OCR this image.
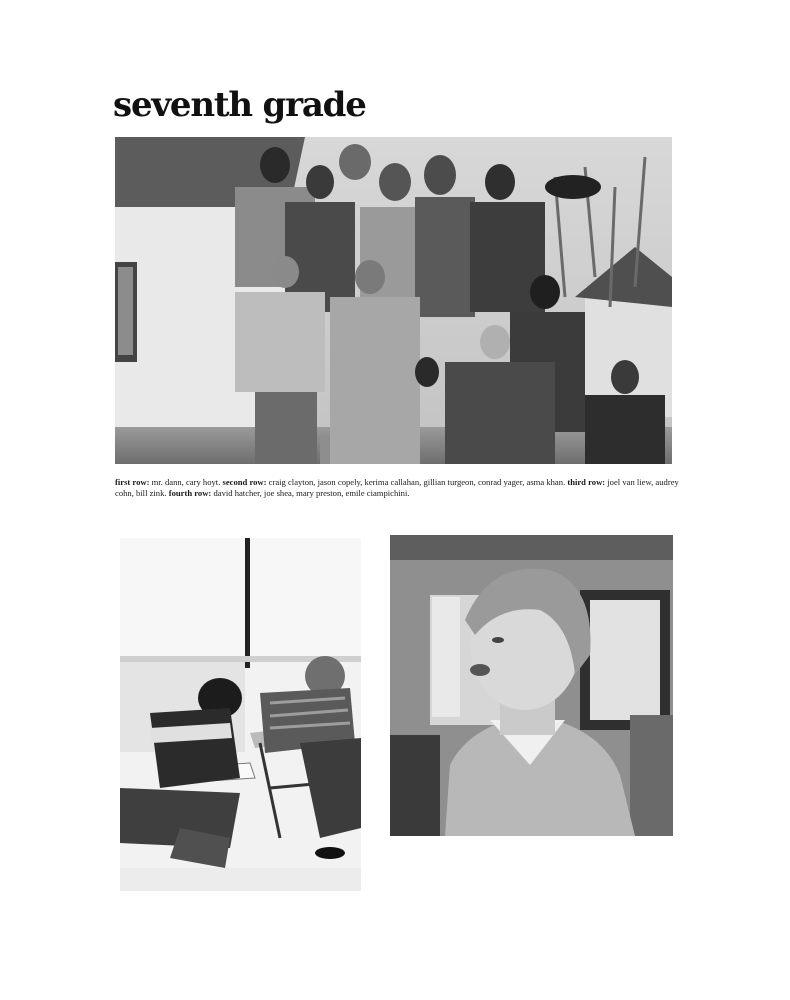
seventh grade

first row: mr. dann, cary hoyt. second row: craig clayton, jason copely, kerima callahan, gillian turgeon, conrad yager, asma khan. third row: joel van liew, audrey cohn, bill zink. fourth row: david hatcher, joe shea, mary preston, emile ciampichini.
